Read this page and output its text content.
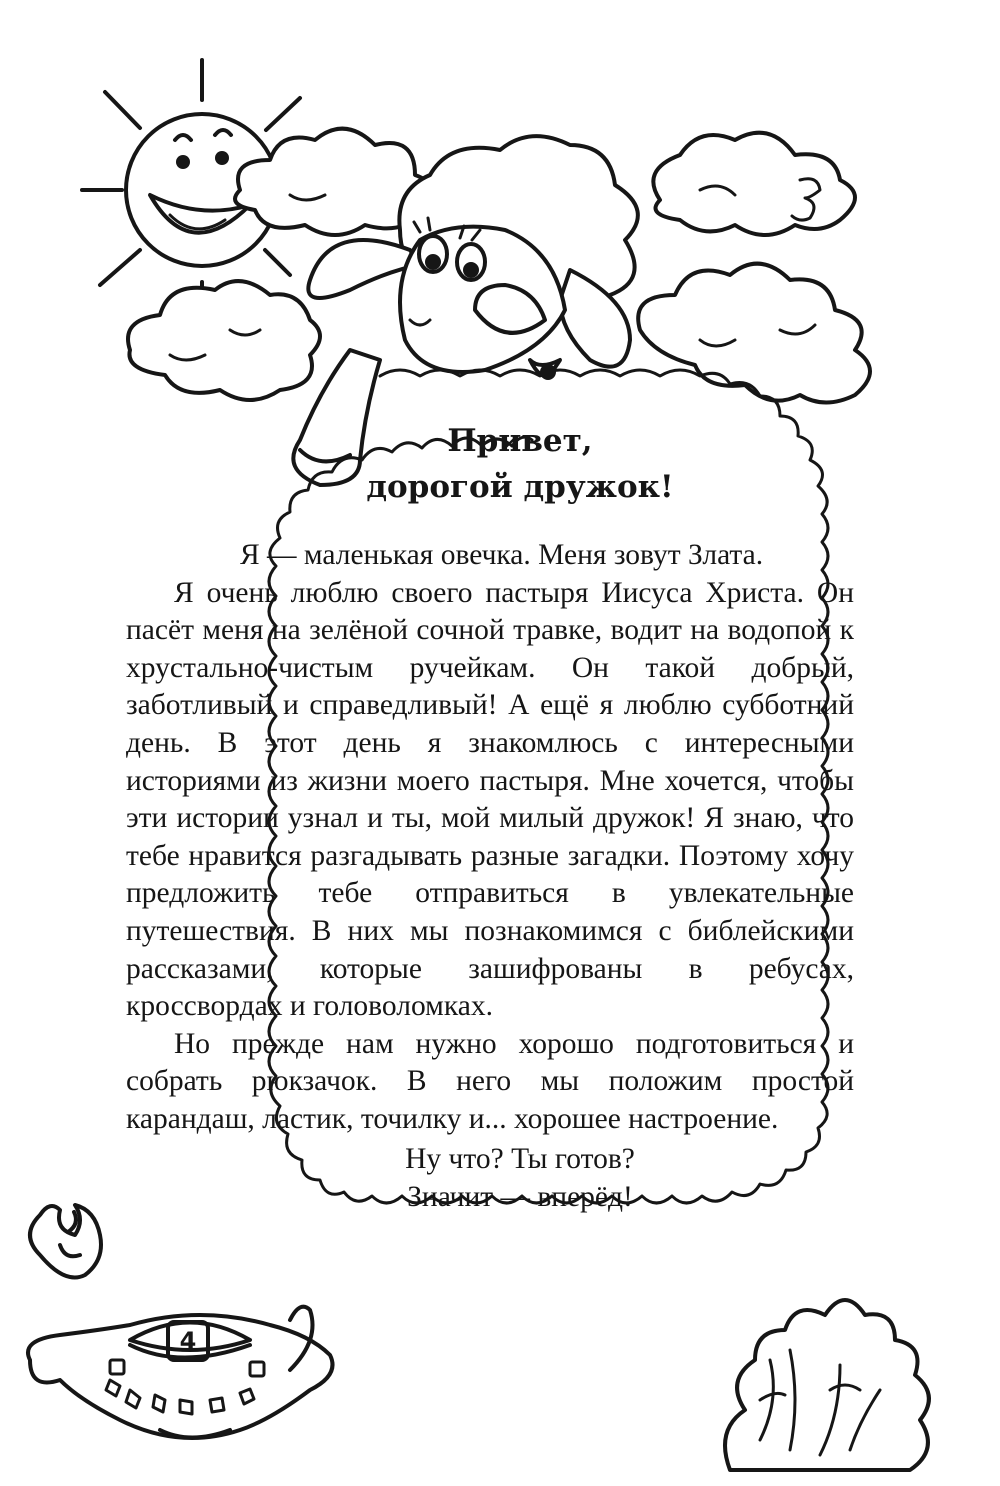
Привет,
дорогой дружок!

Я — маленькая овечка. Меня зовут Злата.

Я очень люблю своего пастыря Иисуса Христа. Он пасёт меня на зелёной сочной травке, водит на водопой к хрустально-чистым ручейкам. Он такой добрый, заботливый и справедливый! А ещё я люблю субботний день. В этот день я знакомлюсь с интересными историями из жизни моего пастыря. Мне хочется, чтобы эти истории узнал и ты, мой милый дружок! Я знаю, что тебе нравится разгадывать разные загадки. Поэтому хочу предложить тебе отправиться в увлекательные путешествия. В них мы познакомимся с библейскими рассказами, которые зашифрованы в ребусах, кроссвордах и головоломках.

Но прежде нам нужно хорошо подготовиться и собрать рюкзачок. В него мы положим простой карандаш, ластик, точилку и... хорошее настроение.

Ну что? Ты готов?
Значит — вперёд!
4
